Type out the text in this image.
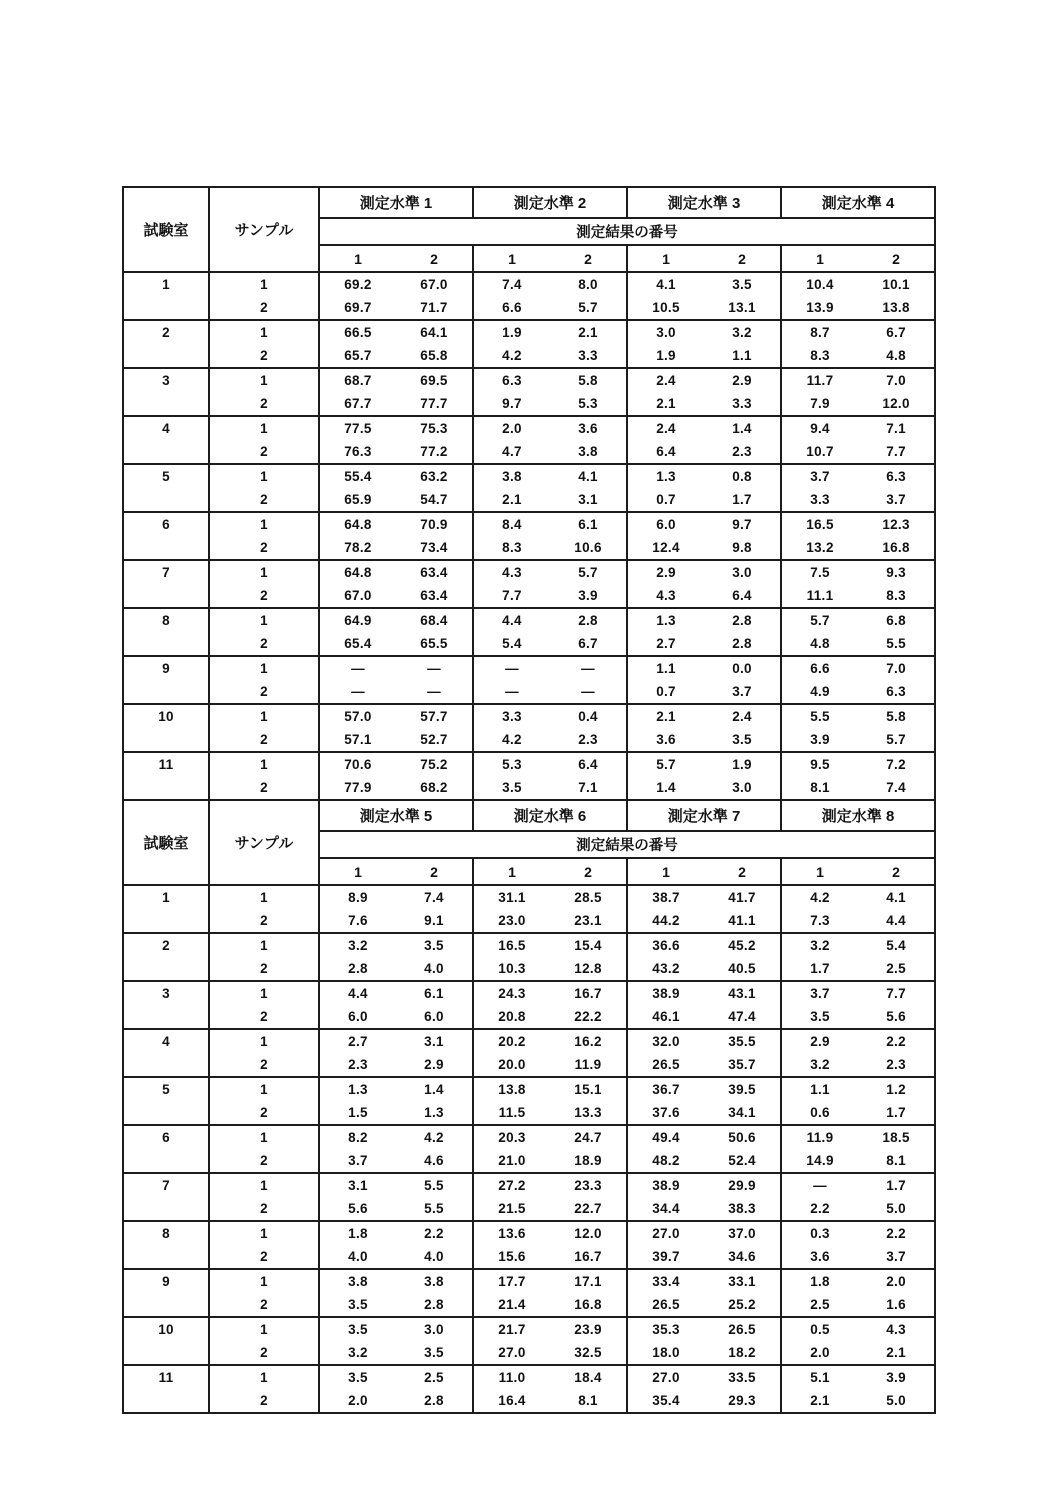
試験室	サンプル	測定水準 1		測定水準 2		測定水準 3		測定水準 4	
		測定結果の番号							
		1	2	1	2	1	2	1	2
1	1	69.2	67.0	7.4	8.0	4.1	3.5	10.4	10.1
	2	69.7	71.7	6.6	5.7	10.5	13.1	13.9	13.8
2	1	66.5	64.1	1.9	2.1	3.0	3.2	8.7	6.7
	2	65.7	65.8	4.2	3.3	1.9	1.1	8.3	4.8
3	1	68.7	69.5	6.3	5.8	2.4	2.9	11.7	7.0
	2	67.7	77.7	9.7	5.3	2.1	3.3	7.9	12.0
4	1	77.5	75.3	2.0	3.6	2.4	1.4	9.4	7.1
	2	76.3	77.2	4.7	3.8	6.4	2.3	10.7	7.7
5	1	55.4	63.2	3.8	4.1	1.3	0.8	3.7	6.3
	2	65.9	54.7	2.1	3.1	0.7	1.7	3.3	3.7
6	1	64.8	70.9	8.4	6.1	6.0	9.7	16.5	12.3
	2	78.2	73.4	8.3	10.6	12.4	9.8	13.2	16.8
7	1	64.8	63.4	4.3	5.7	2.9	3.0	7.5	9.3
	2	67.0	63.4	7.7	3.9	4.3	6.4	11.1	8.3
8	1	64.9	68.4	4.4	2.8	1.3	2.8	5.7	6.8
	2	65.4	65.5	5.4	6.7	2.7	2.8	4.8	5.5
9	1	—	—	—	—	1.1	0.0	6.6	7.0
	2	—	—	—	—	0.7	3.7	4.9	6.3
10	1	57.0	57.7	3.3	0.4	2.1	2.4	5.5	5.8
	2	57.1	52.7	4.2	2.3	3.6	3.5	3.9	5.7
11	1	70.6	75.2	5.3	6.4	5.7	1.9	9.5	7.2
	2	77.9	68.2	3.5	7.1	1.4	3.0	8.1	7.4
試験室	サンプル	測定水準 5		測定水準 6		測定水準 7		測定水準 8	
		測定結果の番号							
		1	2	1	2	1	2	1	2
1	1	8.9	7.4	31.1	28.5	38.7	41.7	4.2	4.1
	2	7.6	9.1	23.0	23.1	44.2	41.1	7.3	4.4
2	1	3.2	3.5	16.5	15.4	36.6	45.2	3.2	5.4
	2	2.8	4.0	10.3	12.8	43.2	40.5	1.7	2.5
3	1	4.4	6.1	24.3	16.7	38.9	43.1	3.7	7.7
	2	6.0	6.0	20.8	22.2	46.1	47.4	3.5	5.6
4	1	2.7	3.1	20.2	16.2	32.0	35.5	2.9	2.2
	2	2.3	2.9	20.0	11.9	26.5	35.7	3.2	2.3
5	1	1.3	1.4	13.8	15.1	36.7	39.5	1.1	1.2
	2	1.5	1.3	11.5	13.3	37.6	34.1	0.6	1.7
6	1	8.2	4.2	20.3	24.7	49.4	50.6	11.9	18.5
	2	3.7	4.6	21.0	18.9	48.2	52.4	14.9	8.1
7	1	3.1	5.5	27.2	23.3	38.9	29.9	—	1.7
	2	5.6	5.5	21.5	22.7	34.4	38.3	2.2	5.0
8	1	1.8	2.2	13.6	12.0	27.0	37.0	0.3	2.2
	2	4.0	4.0	15.6	16.7	39.7	34.6	3.6	3.7
9	1	3.8	3.8	17.7	17.1	33.4	33.1	1.8	2.0
	2	3.5	2.8	21.4	16.8	26.5	25.2	2.5	1.6
10	1	3.5	3.0	21.7	23.9	35.3	26.5	0.5	4.3
	2	3.2	3.5	27.0	32.5	18.0	18.2	2.0	2.1
11	1	3.5	2.5	11.0	18.4	27.0	33.5	5.1	3.9
	2	2.0	2.8	16.4	8.1	35.4	29.3	2.1	5.0
